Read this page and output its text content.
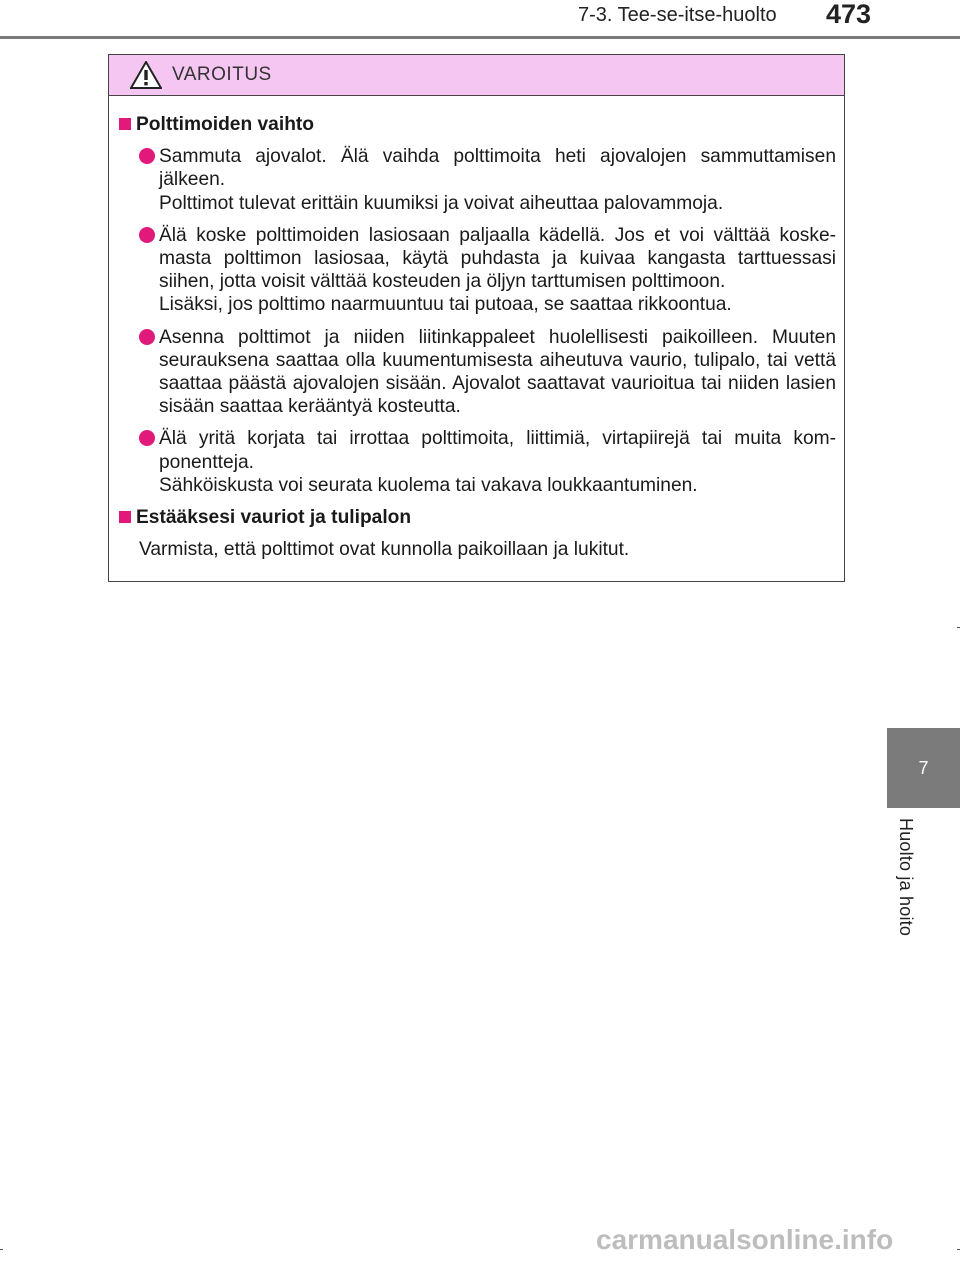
7-3. Tee-se-itse-huolto 473
7
Huolto ja hoito
VAROITUS
Polttimoiden vaihto

Sammuta ajovalot. Älä vaihda polttimoita heti ajovalojen sammuttamisen jälkeen.

Polttimot tulevat erittäin kuumiksi ja voivat aiheuttaa palovammoja.

Älä koske polttimoiden lasiosaan paljaalla kädellä. Jos et voi välttää koske-masta polttimon lasiosaa, käytä puhdasta ja kuivaa kangasta tarttuessasi siihen, jotta voisit välttää kosteuden ja öljyn tarttumisen polttimoon.

Lisäksi, jos polttimo naarmuuntuu tai putoaa, se saattaa rikkoontua.

Asenna polttimot ja niiden liitinkappaleet huolellisesti paikoilleen. Muuten seurauksena saattaa olla kuumentumisesta aiheutuva vaurio, tulipalo, tai vettä saattaa päästä ajovalojen sisään. Ajovalot saattavat vaurioitua tai niiden lasien sisään saattaa kerääntyä kosteutta.

Älä yritä korjata tai irrottaa polttimoita, liittimiä, virtapiirejä tai muita kom-ponentteja.

Sähköiskusta voi seurata kuolema tai vakava loukkaantuminen.

Estääksesi vauriot ja tulipalon
Varmista, että polttimot ovat kunnolla paikoillaan ja lukitut.
carmanualsonline.info
